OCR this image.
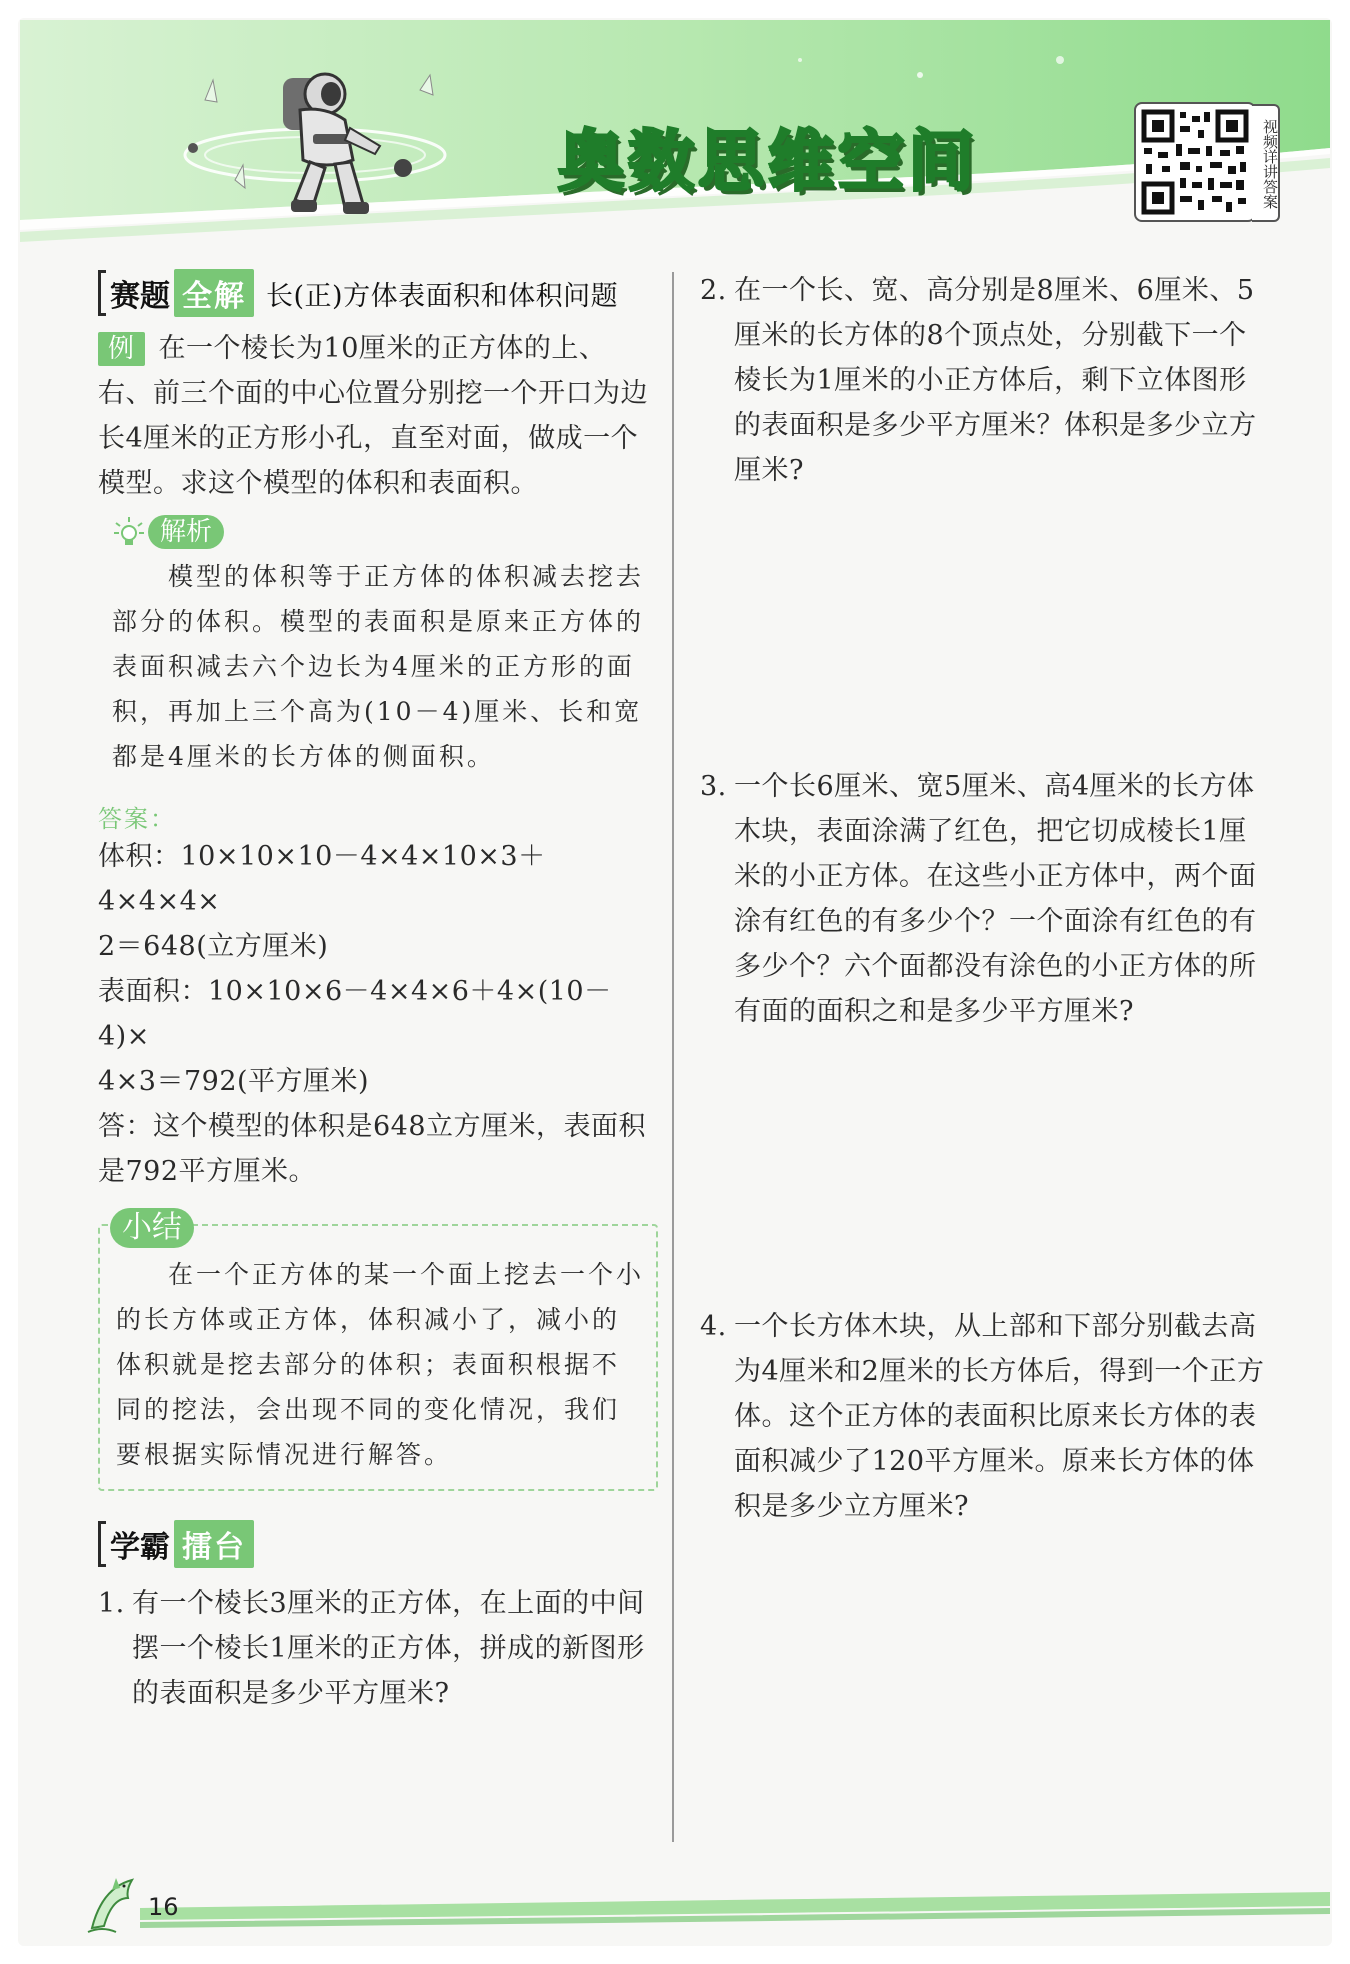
奥数思维空间	视频详讲答案
赛题 全解 长(正)方体表面积和体积问题
例 在一个棱长为10厘米的正方体的上、右、前三个面的中心位置分别挖一个开口为边长4厘米的正方形小孔，直至对面，做成一个模型。求这个模型的体积和表面积。
解析

模型的体积等于正方体的体积减去挖去部分的体积。模型的表面积是原来正方体的表面积减去六个边长为4厘米的正方形的面积，再加上三个高为(10－4)厘米、长和宽都是4厘米的长方体的侧面积。

答案：
体积：10×10×10－4×4×10×3＋4×4×4×
2＝648(立方厘米)
表面积：10×10×6－4×4×6＋4×(10－4)×
4×3＝792(平方厘米)
答：这个模型的体积是648立方厘米，表面积
是792平方厘米。
小结

在一个正方体的某一个面上挖去一个小的长方体或正方体，体积减小了，减小的体积就是挖去部分的体积；表面积根据不同的挖法，会出现不同的变化情况，我们要根据实际情况进行解答。

学霸 擂台
1. 有一个棱长3厘米的正方体，在上面的中间摆一个棱长1厘米的正方体，拼成的新图形的表面积是多少平方厘米?
2. 在一个长、宽、高分别是8厘米、6厘米、5厘米的长方体的8个顶点处，分别截下一个棱长为1厘米的小正方体后，剩下立体图形的表面积是多少平方厘米？体积是多少立方厘米?
3. 一个长6厘米、宽5厘米、高4厘米的长方体木块，表面涂满了红色，把它切成棱长1厘米的小正方体。在这些小正方体中，两个面涂有红色的有多少个？一个面涂有红色的有多少个？六个面都没有涂色的小正方体的所有面的面积之和是多少平方厘米?
4. 一个长方体木块，从上部和下部分别截去高为4厘米和2厘米的长方体后，得到一个正方体。这个正方体的表面积比原来长方体的表面积减少了120平方厘米。原来长方体的体积是多少立方厘米?
16
